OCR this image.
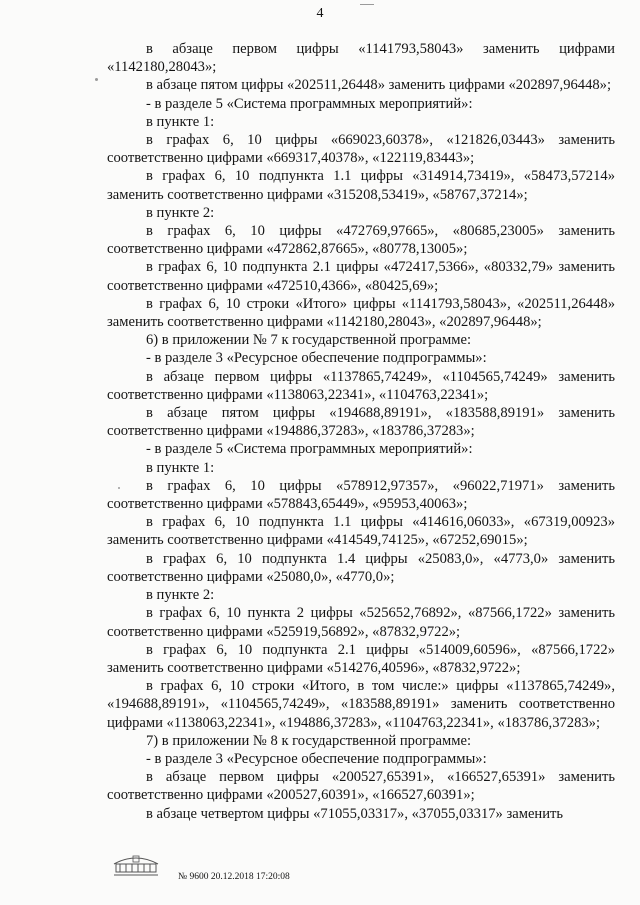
4

в абзаце первом цифры «1141793,58043» заменить цифрами «1142180,28043»;

в абзаце пятом цифры «202511,26448» заменить цифрами «202897,96448»;

- в разделе 5 «Система программных мероприятий»:

в пункте 1:

в графах 6, 10 цифры «669023,60378», «121826,03443» заменить соответственно цифрами «669317,40378», «122119,83443»;

в графах 6, 10 подпункта 1.1 цифры «314914,73419», «58473,57214» заменить соответственно цифрами «315208,53419», «58767,37214»;

в пункте 2:

в графах 6, 10 цифры «472769,97665», «80685,23005» заменить соответственно цифрами «472862,87665», «80778,13005»;

в графах 6, 10 подпункта 2.1 цифры «472417,5366», «80332,79» заменить соответственно цифрами «472510,4366», «80425,69»;

в графах 6, 10 строки «Итого» цифры «1141793,58043», «202511,26448» заменить соответственно цифрами «1142180,28043», «202897,96448»;

6) в приложении № 7 к государственной программе:

- в разделе 3 «Ресурсное обеспечение подпрограммы»:

в абзаце первом цифры «1137865,74249», «1104565,74249» заменить соответственно цифрами «1138063,22341», «1104763,22341»;

в абзаце пятом цифры «194688,89191», «183588,89191» заменить соответственно цифрами «194886,37283», «183786,37283»;

- в разделе 5 «Система программных мероприятий»:

в пункте 1:

в графах 6, 10 цифры «578912,97357», «96022,71971» заменить соответственно цифрами «578843,65449», «95953,40063»;

в графах 6, 10 подпункта 1.1 цифры «414616,06033», «67319,00923» заменить соответственно цифрами «414549,74125», «67252,69015»;

в графах 6, 10 подпункта 1.4 цифры «25083,0», «4773,0» заменить соответственно цифрами «25080,0», «4770,0»;

в пункте 2:

в графах 6, 10 пункта 2 цифры «525652,76892», «87566,1722» заменить соответственно цифрами «525919,56892», «87832,9722»;

в графах 6, 10 подпункта 2.1 цифры «514009,60596», «87566,1722» заменить соответственно цифрами «514276,40596», «87832,9722»;

в графах 6, 10 строки «Итого, в том числе:» цифры «1137865,74249», «194688,89191», «1104565,74249», «183588,89191» заменить соответственно цифрами «1138063,22341», «194886,37283», «1104763,22341», «183786,37283»;

7) в приложении № 8 к государственной программе:

- в разделе 3 «Ресурсное обеспечение подпрограммы»:

в абзаце первом цифры «200527,65391», «166527,65391» заменить соответственно цифрами «200527,60391», «166527,60391»;

в абзаце четвертом цифры «71055,03317», «37055,03317» заменить

№ 9600 20.12.2018 17:20:08
